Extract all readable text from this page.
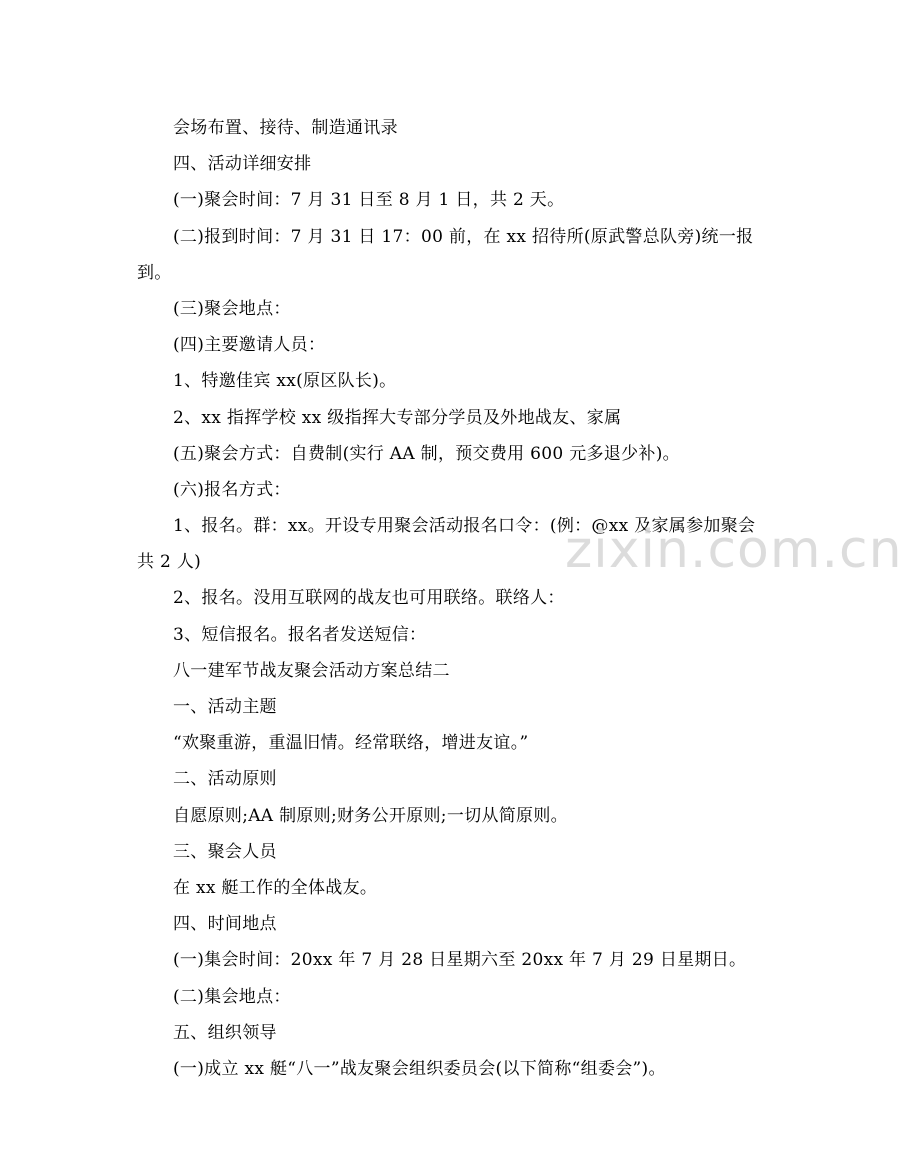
会场布置、接待、制造通讯录
四、活动详细安排
(一)聚会时间：7 月 31 日至 8 月 1 日，共 2 天。
(二)报到时间：7 月 31 日 17：00 前，在 xx 招待所(原武警总队旁)统一报
到。
(三)聚会地点：
(四)主要邀请人员：
1、特邀佳宾 xx(原区队长)。
2、xx 指挥学校 xx 级指挥大专部分学员及外地战友、家属
(五)聚会方式：自费制(实行 AA 制，预交费用 600 元多退少补)。
(六)报名方式：
1、报名。群：xx。开设专用聚会活动报名口令：(例：@xx 及家属参加聚会
共 2 人)
2、报名。没用互联网的战友也可用联络。联络人：
3、短信报名。报名者发送短信：
八一建军节战友聚会活动方案总结二
一、活动主题
“欢聚重游，重温旧情。经常联络，增进友谊。”
二、活动原则
自愿原则;AA 制原则;财务公开原则;一切从简原则。
三、聚会人员
在 xx 艇工作的全体战友。
四、时间地点
(一)集会时间：20xx 年 7 月 28 日星期六至 20xx 年 7 月 29 日星期日。
(二)集会地点：
五、组织领导
(一)成立 xx 艇“八一”战友聚会组织委员会(以下简称“组委会”)。
zixin.com.cn
